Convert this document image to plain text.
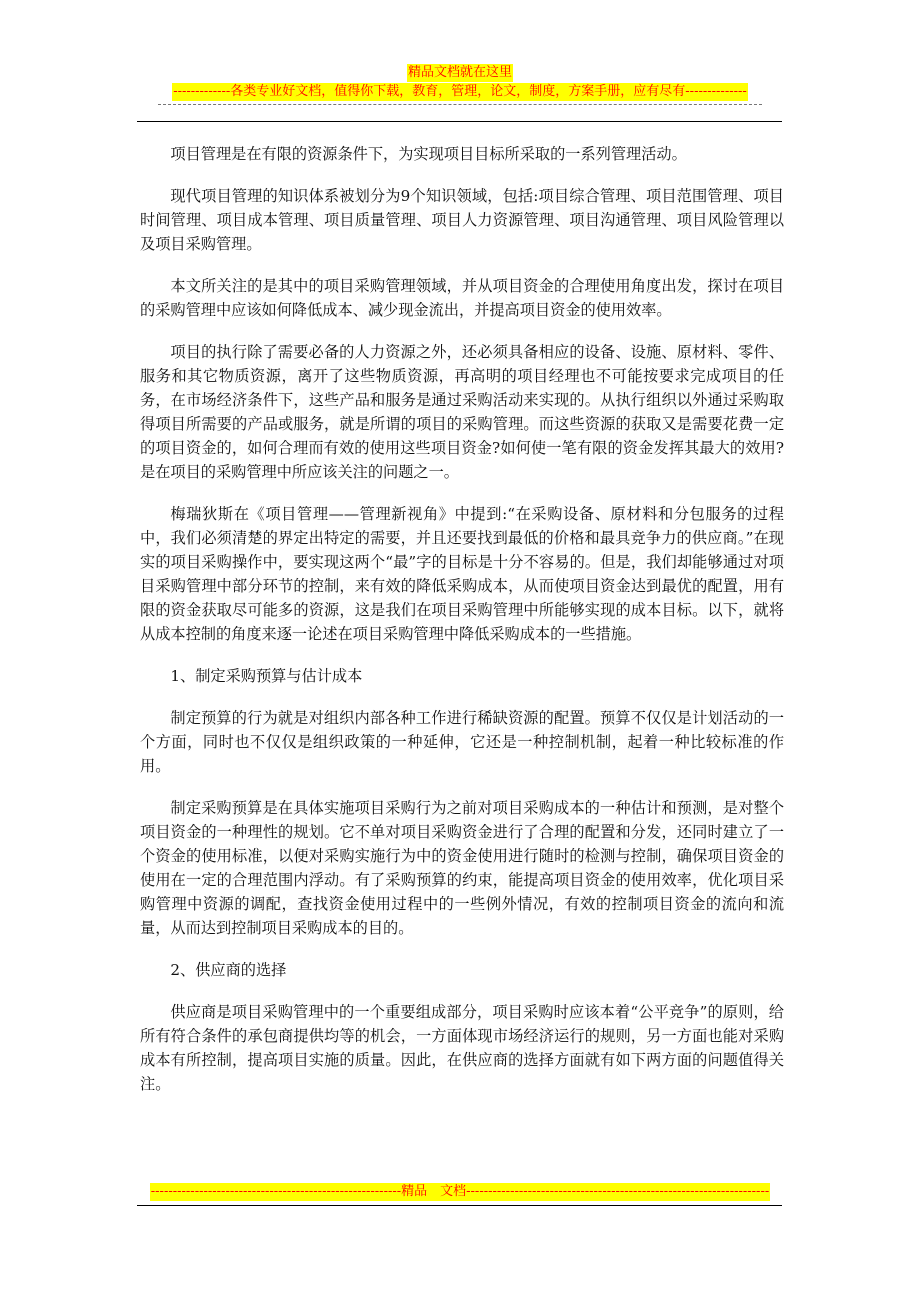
精品文档就在这里
-------------各类专业好文档，值得你下载，教育，管理，论文，制度，方案手册，应有尽有--------------

项目管理是在有限的资源条件下，为实现项目目标所采取的一系列管理活动。

现代项目管理的知识体系被划分为9个知识领域，包括:项目综合管理、项目范围管理、项目时间管理、项目成本管理、项目质量管理、项目人力资源管理、项目沟通管理、项目风险管理以及项目采购管理。

本文所关注的是其中的项目采购管理领域，并从项目资金的合理使用角度出发，探讨在项目的采购管理中应该如何降低成本、减少现金流出，并提高项目资金的使用效率。

项目的执行除了需要必备的人力资源之外，还必须具备相应的设备、设施、原材料、零件、服务和其它物质资源，离开了这些物质资源，再高明的项目经理也不可能按要求完成项目的任务，在市场经济条件下，这些产品和服务是通过采购活动来实现的。从执行组织以外通过采购取得项目所需要的产品或服务，就是所谓的项目的采购管理。而这些资源的获取又是需要花费一定的项目资金的，如何合理而有效的使用这些项目资金?如何使一笔有限的资金发挥其最大的效用?是在项目的采购管理中所应该关注的问题之一。

梅瑞狄斯在《项目管理——管理新视角》中提到:“在采购设备、原材料和分包服务的过程中，我们必须清楚的界定出特定的需要，并且还要找到最低的价格和最具竞争力的供应商。”在现实的项目采购操作中，要实现这两个“最”字的目标是十分不容易的。但是，我们却能够通过对项目采购管理中部分环节的控制，来有效的降低采购成本，从而使项目资金达到最优的配置，用有限的资金获取尽可能多的资源，这是我们在项目采购管理中所能够实现的成本目标。以下，就将从成本控制的角度来逐一论述在项目采购管理中降低采购成本的一些措施。

1、制定采购预算与估计成本

制定预算的行为就是对组织内部各种工作进行稀缺资源的配置。预算不仅仅是计划活动的一个方面，同时也不仅仅是组织政策的一种延伸，它还是一种控制机制，起着一种比较标准的作用。

制定采购预算是在具体实施项目采购行为之前对项目采购成本的一种估计和预测，是对整个项目资金的一种理性的规划。它不单对项目采购资金进行了合理的配置和分发，还同时建立了一个资金的使用标准，以便对采购实施行为中的资金使用进行随时的检测与控制，确保项目资金的使用在一定的合理范围内浮动。有了采购预算的约束，能提高项目资金的使用效率，优化项目采购管理中资源的调配，查找资金使用过程中的一些例外情况，有效的控制项目资金的流向和流量，从而达到控制项目采购成本的目的。

2、供应商的选择

供应商是项目采购管理中的一个重要组成部分，项目采购时应该本着“公平竞争”的原则，给所有符合条件的承包商提供均等的机会，一方面体现市场经济运行的规则，另一方面也能对采购成本有所控制，提高项目实施的质量。因此，在供应商的选择方面就有如下两方面的问题值得关注。

---------------------------------------------------------精品　文档---------------------------------------------------------------------
